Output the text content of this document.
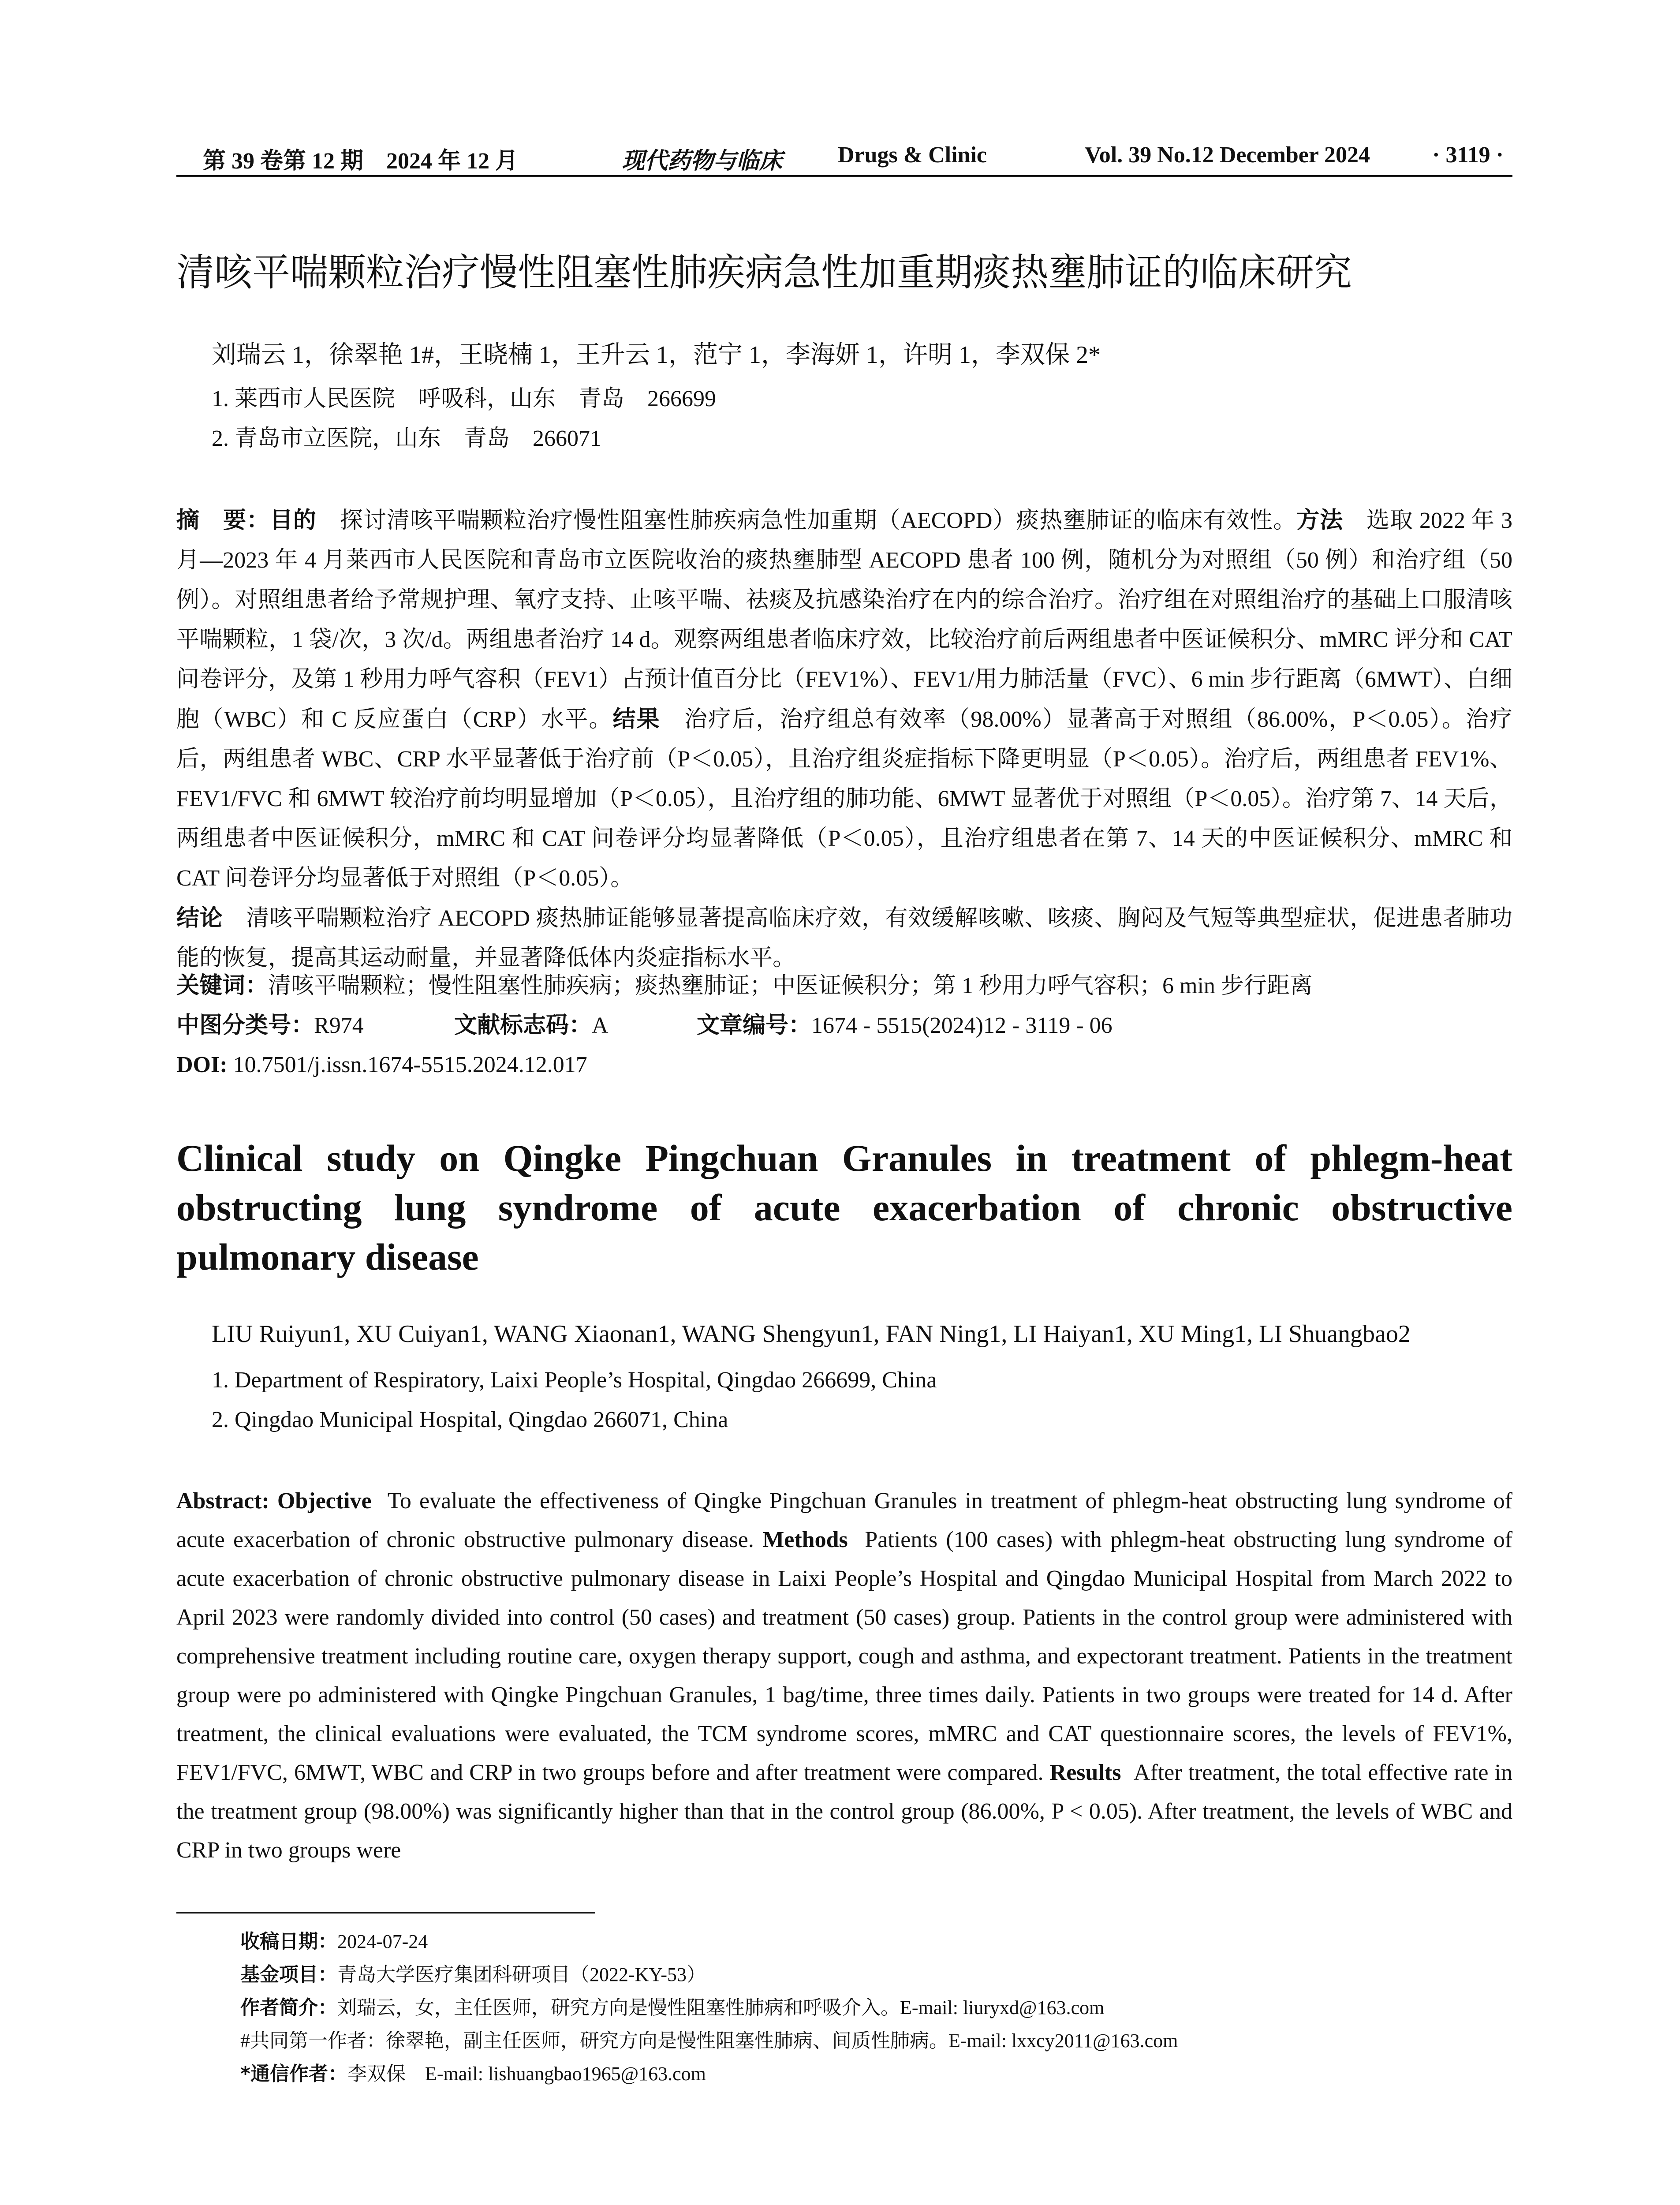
第 39 卷第 12 期　2024 年 12 月	现代药物与临床 Drugs & Clinic	Vol. 39 No.12 December 2024	· 3119 ·
清咳平喘颗粒治疗慢性阻塞性肺疾病急性加重期痰热壅肺证的临床研究
刘瑞云 1，徐翠艳 1#，王晓楠 1，王升云 1，范宁 1，李海妍 1，许明 1，李双保 2*
1. 莱西市人民医院　呼吸科，山东　青岛　266699
2. 青岛市立医院，山东　青岛　266071
摘　要：目的　 探讨清咳平喘颗粒治疗慢性阻塞性肺疾病急性加重期（AECOPD）痰热壅肺证的临床有效性。方法　 选取 2022 年 3 月—2023 年 4 月莱西市人民医院和青岛市立医院收治的痰热壅肺型 AECOPD 患者 100 例，随机分为对照组（50 例）和治疗组（50 例）。对照组患者给予常规护理、氧疗支持、止咳平喘、祛痰及抗感染治疗在内的综合治疗。治疗组在对照组治疗的基础上口服清咳平喘颗粒，1 袋/次，3 次/d。两组患者治疗 14 d。观察两组患者临床疗效，比较治疗前后两组患者中医证候积分、mMRC 评分和 CAT 问卷评分，及第 1 秒用力呼气容积（FEV1）占预计值百分比（FEV1%）、FEV1/用力肺活量（FVC）、6 min 步行距离（6MWT）、白细胞（WBC）和 C 反应蛋白（CRP）水平。结果　 治疗后，治疗组总有效率（98.00%）显著高于对照组（86.00%，P＜0.05）。治疗后，两组患者 WBC、CRP 水平显著低于治疗前（P＜0.05），且治疗组炎症指标下降更明显（P＜0.05）。治疗后，两组患者 FEV1%、FEV1/FVC 和 6MWT 较治疗前均明显增加（P＜0.05），且治疗组的肺功能、6MWT 显著优于对照组（P＜0.05）。治疗第 7、14 天后，两组患者中医证候积分，mMRC 和 CAT 问卷评分均显著降低（P＜0.05），且治疗组患者在第 7、14 天的中医证候积分、mMRC 和 CAT 问卷评分均显著低于对照组（P＜0.05）。
结论　 清咳平喘颗粒治疗 AECOPD 痰热肺证能够显著提高临床疗效，有效缓解咳嗽、咳痰、胸闷及气短等典型症状，促进患者肺功能的恢复，提高其运动耐量，并显著降低体内炎症指标水平。
关键词：清咳平喘颗粒；慢性阻塞性肺疾病；痰热壅肺证；中医证候积分；第 1 秒用力呼气容积；6 min 步行距离
中图分类号：R974	文献标志码：A	文章编号：1674 - 5515(2024)12 - 3119 - 06
DOI: 10.7501/j.issn.1674-5515.2024.12.017
Clinical study on Qingke Pingchuan Granules in treatment of phlegm-heat obstructing lung syndrome of acute exacerbation of chronic obstructive pulmonary disease
LIU Ruiyun1, XU Cuiyan1, WANG Xiaonan1, WANG Shengyun1, FAN Ning1, LI Haiyan1, XU Ming1, LI Shuangbao2
1. Department of Respiratory, Laixi People’s Hospital, Qingdao 266699, China
2. Qingdao Municipal Hospital, Qingdao 266071, China
Abstract: Objective To evaluate the effectiveness of Qingke Pingchuan Granules in treatment of phlegm-heat obstructing lung syndrome of acute exacerbation of chronic obstructive pulmonary disease. Methods Patients (100 cases) with phlegm-heat obstructing lung syndrome of acute exacerbation of chronic obstructive pulmonary disease in Laixi People’s Hospital and Qingdao Municipal Hospital from March 2022 to April 2023 were randomly divided into control (50 cases) and treatment (50 cases) group. Patients in the control group were administered with comprehensive treatment including routine care, oxygen therapy support, cough and asthma, and expectorant treatment. Patients in the treatment group were po administered with Qingke Pingchuan Granules, 1 bag/time, three times daily. Patients in two groups were treated for 14 d. After treatment, the clinical evaluations were evaluated, the TCM syndrome scores, mMRC and CAT questionnaire scores, the levels of FEV1%, FEV1/FVC, 6MWT, WBC and CRP in two groups before and after treatment were compared. Results After treatment, the total effective rate in the treatment group (98.00%) was significantly higher than that in the control group (86.00%, P < 0.05). After treatment, the levels of WBC and CRP in two groups were
收稿日期：2024-07-24
基金项目：青岛大学医疗集团科研项目（2022-KY-53）
作者简介：刘瑞云，女，主任医师，研究方向是慢性阻塞性肺病和呼吸介入。E-mail: liuryxd@163.com
#共同第一作者：徐翠艳，副主任医师，研究方向是慢性阻塞性肺病、间质性肺病。E-mail: lxxcy2011@163.com
*通信作者：李双保　E-mail: lishuangbao1965@163.com
